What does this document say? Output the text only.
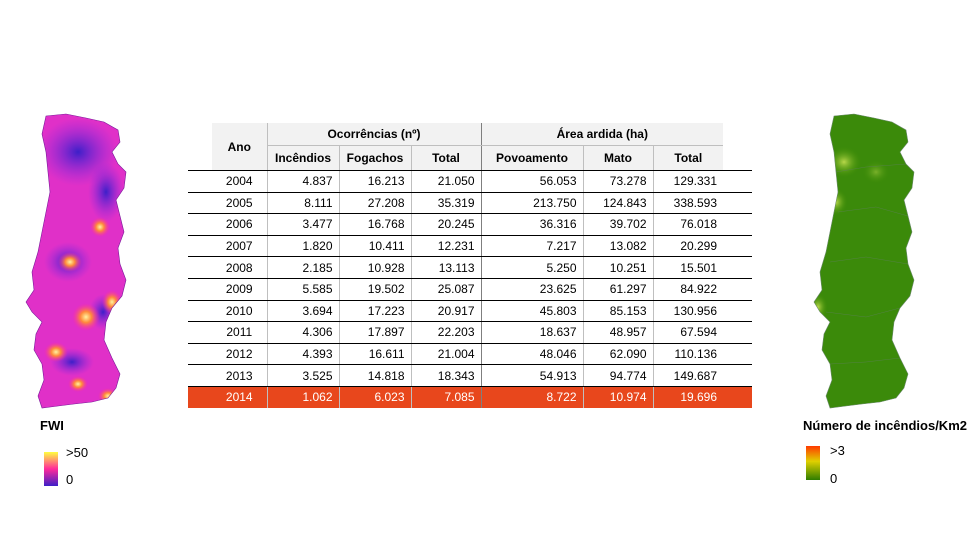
FWI
>50
0
	Ano	Ocorrências (nº)			Área ardida (ha)			
		Incêndios	Fogachos	Total	Povoamento	Mato	Total	
	2004	4.837	16.213	21.050	56.053	73.278	129.331	
	2005	8.111	27.208	35.319	213.750	124.843	338.593	
	2006	3.477	16.768	20.245	36.316	39.702	76.018	
	2007	1.820	10.411	12.231	7.217	13.082	20.299	
	2008	2.185	10.928	13.113	5.250	10.251	15.501	
	2009	5.585	19.502	25.087	23.625	61.297	84.922	
	2010	3.694	17.223	20.917	45.803	85.153	130.956	
	2011	4.306	17.897	22.203	18.637	48.957	67.594	
	2012	4.393	16.611	21.004	48.046	62.090	110.136	
	2013	3.525	14.818	18.343	54.913	94.774	149.687	
	2014	1.062	6.023	7.085	8.722	10.974	19.696	
Número de incêndios/Km2
>3
0
